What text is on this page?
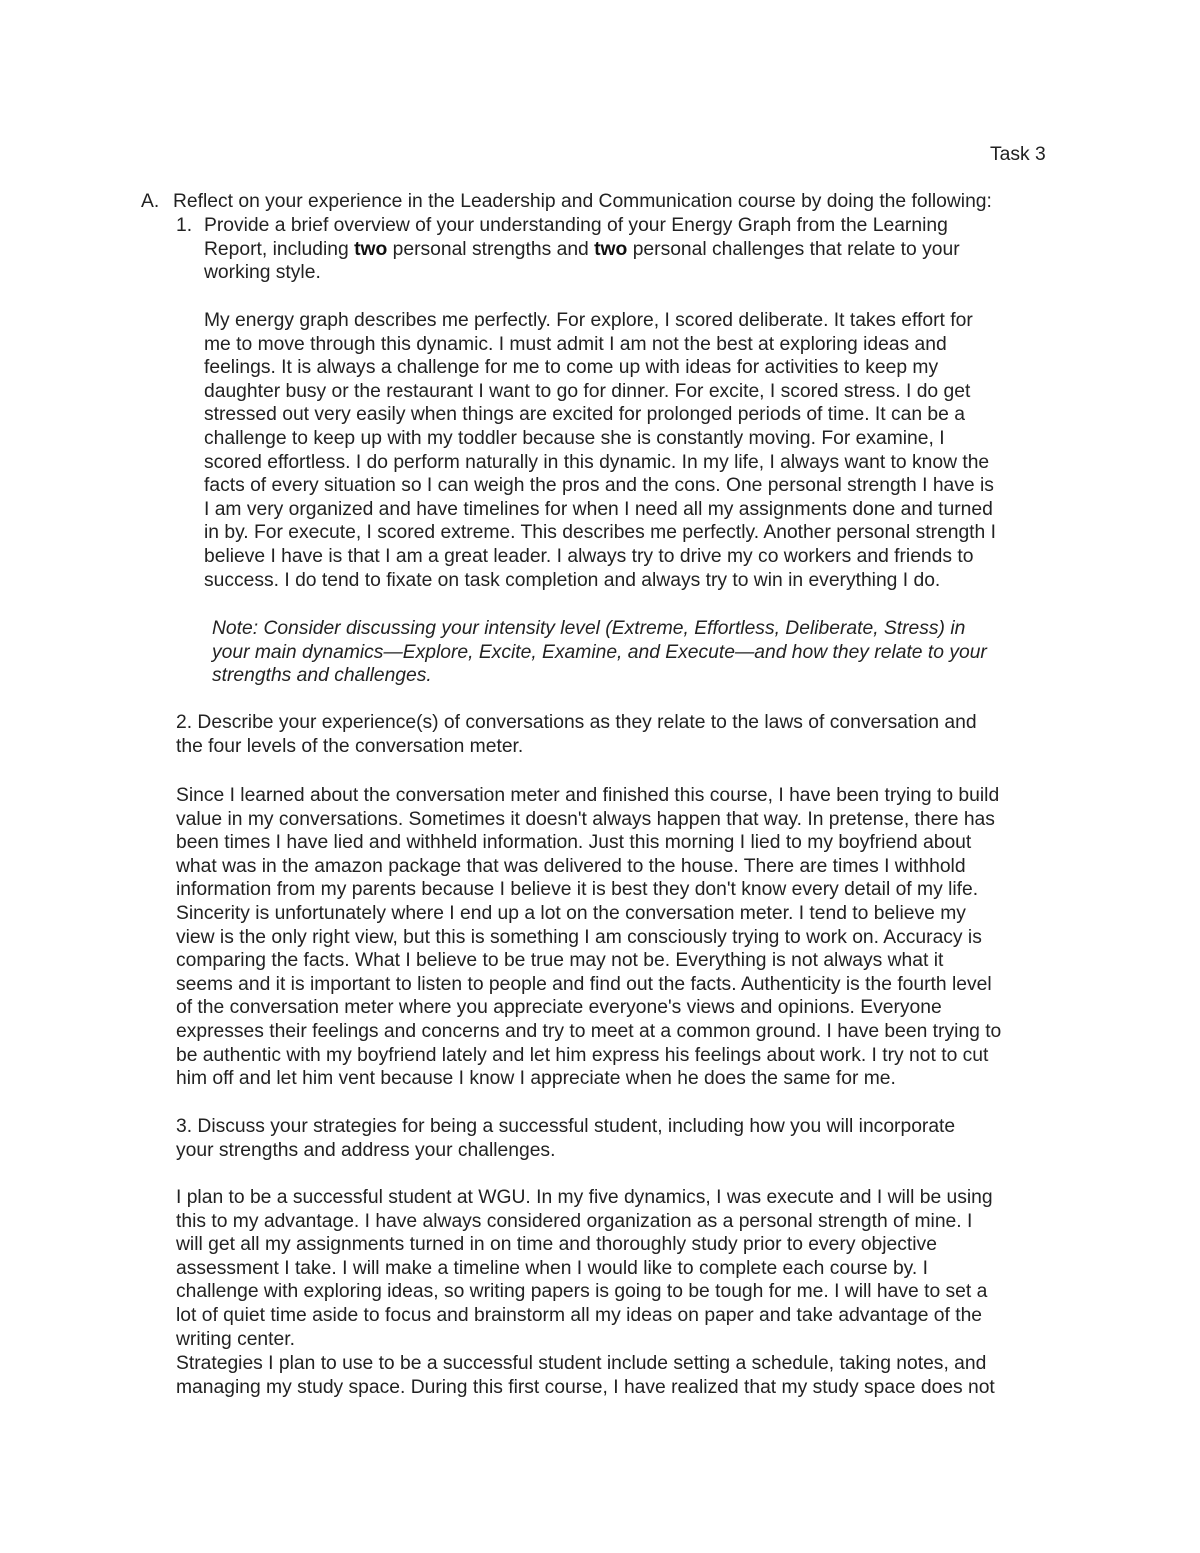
Task 3
A. Reflect on your experience in the Leadership and Communication course by doing the following:
1. Provide a brief overview of your understanding of your Energy Graph from the Learning
Report, including two personal strengths and two personal challenges that relate to your
working style.
My energy graph describes me perfectly. For explore, I scored deliberate. It takes effort for
me to move through this dynamic. I must admit I am not the best at exploring ideas and
feelings. It is always a challenge for me to come up with ideas for activities to keep my
daughter busy or the restaurant I want to go for dinner. For excite, I scored stress. I do get
stressed out very easily when things are excited for prolonged periods of time. It can be a
challenge to keep up with my toddler because she is constantly moving. For examine, I
scored effortless. I do perform naturally in this dynamic. In my life, I always want to know the
facts of every situation so I can weigh the pros and the cons. One personal strength I have is
I am very organized and have timelines for when I need all my assignments done and turned
in by. For execute, I scored extreme. This describes me perfectly. Another personal strength I
believe I have is that I am a great leader. I always try to drive my co workers and friends to
success. I do tend to fixate on task completion and always try to win in everything I do.
Note: Consider discussing your intensity level (Extreme, Effortless, Deliberate, Stress) in
your main dynamics—Explore, Excite, Examine, and Execute—and how they relate to your
strengths and challenges.
2. Describe your experience(s) of conversations as they relate to the laws of conversation and
the four levels of the conversation meter.
Since I learned about the conversation meter and finished this course, I have been trying to build
value in my conversations. Sometimes it doesn't always happen that way. In pretense, there has
been times I have lied and withheld information. Just this morning I lied to my boyfriend about
what was in the amazon package that was delivered to the house. There are times I withhold
information from my parents because I believe it is best they don't know every detail of my life.
Sincerity is unfortunately where I end up a lot on the conversation meter. I tend to believe my
view is the only right view, but this is something I am consciously trying to work on. Accuracy is
comparing the facts. What I believe to be true may not be. Everything is not always what it
seems and it is important to listen to people and find out the facts. Authenticity is the fourth level
of the conversation meter where you appreciate everyone's views and opinions. Everyone
expresses their feelings and concerns and try to meet at a common ground. I have been trying to
be authentic with my boyfriend lately and let him express his feelings about work. I try not to cut
him off and let him vent because I know I appreciate when he does the same for me.
3. Discuss your strategies for being a successful student, including how you will incorporate
your strengths and address your challenges.
I plan to be a successful student at WGU. In my five dynamics, I was execute and I will be using
this to my advantage. I have always considered organization as a personal strength of mine. I
will get all my assignments turned in on time and thoroughly study prior to every objective
assessment I take. I will make a timeline when I would like to complete each course by. I
challenge with exploring ideas, so writing papers is going to be tough for me. I will have to set a
lot of quiet time aside to focus and brainstorm all my ideas on paper and take advantage of the
writing center.
Strategies I plan to use to be a successful student include setting a schedule, taking notes, and
managing my study space. During this first course, I have realized that my study space does not
